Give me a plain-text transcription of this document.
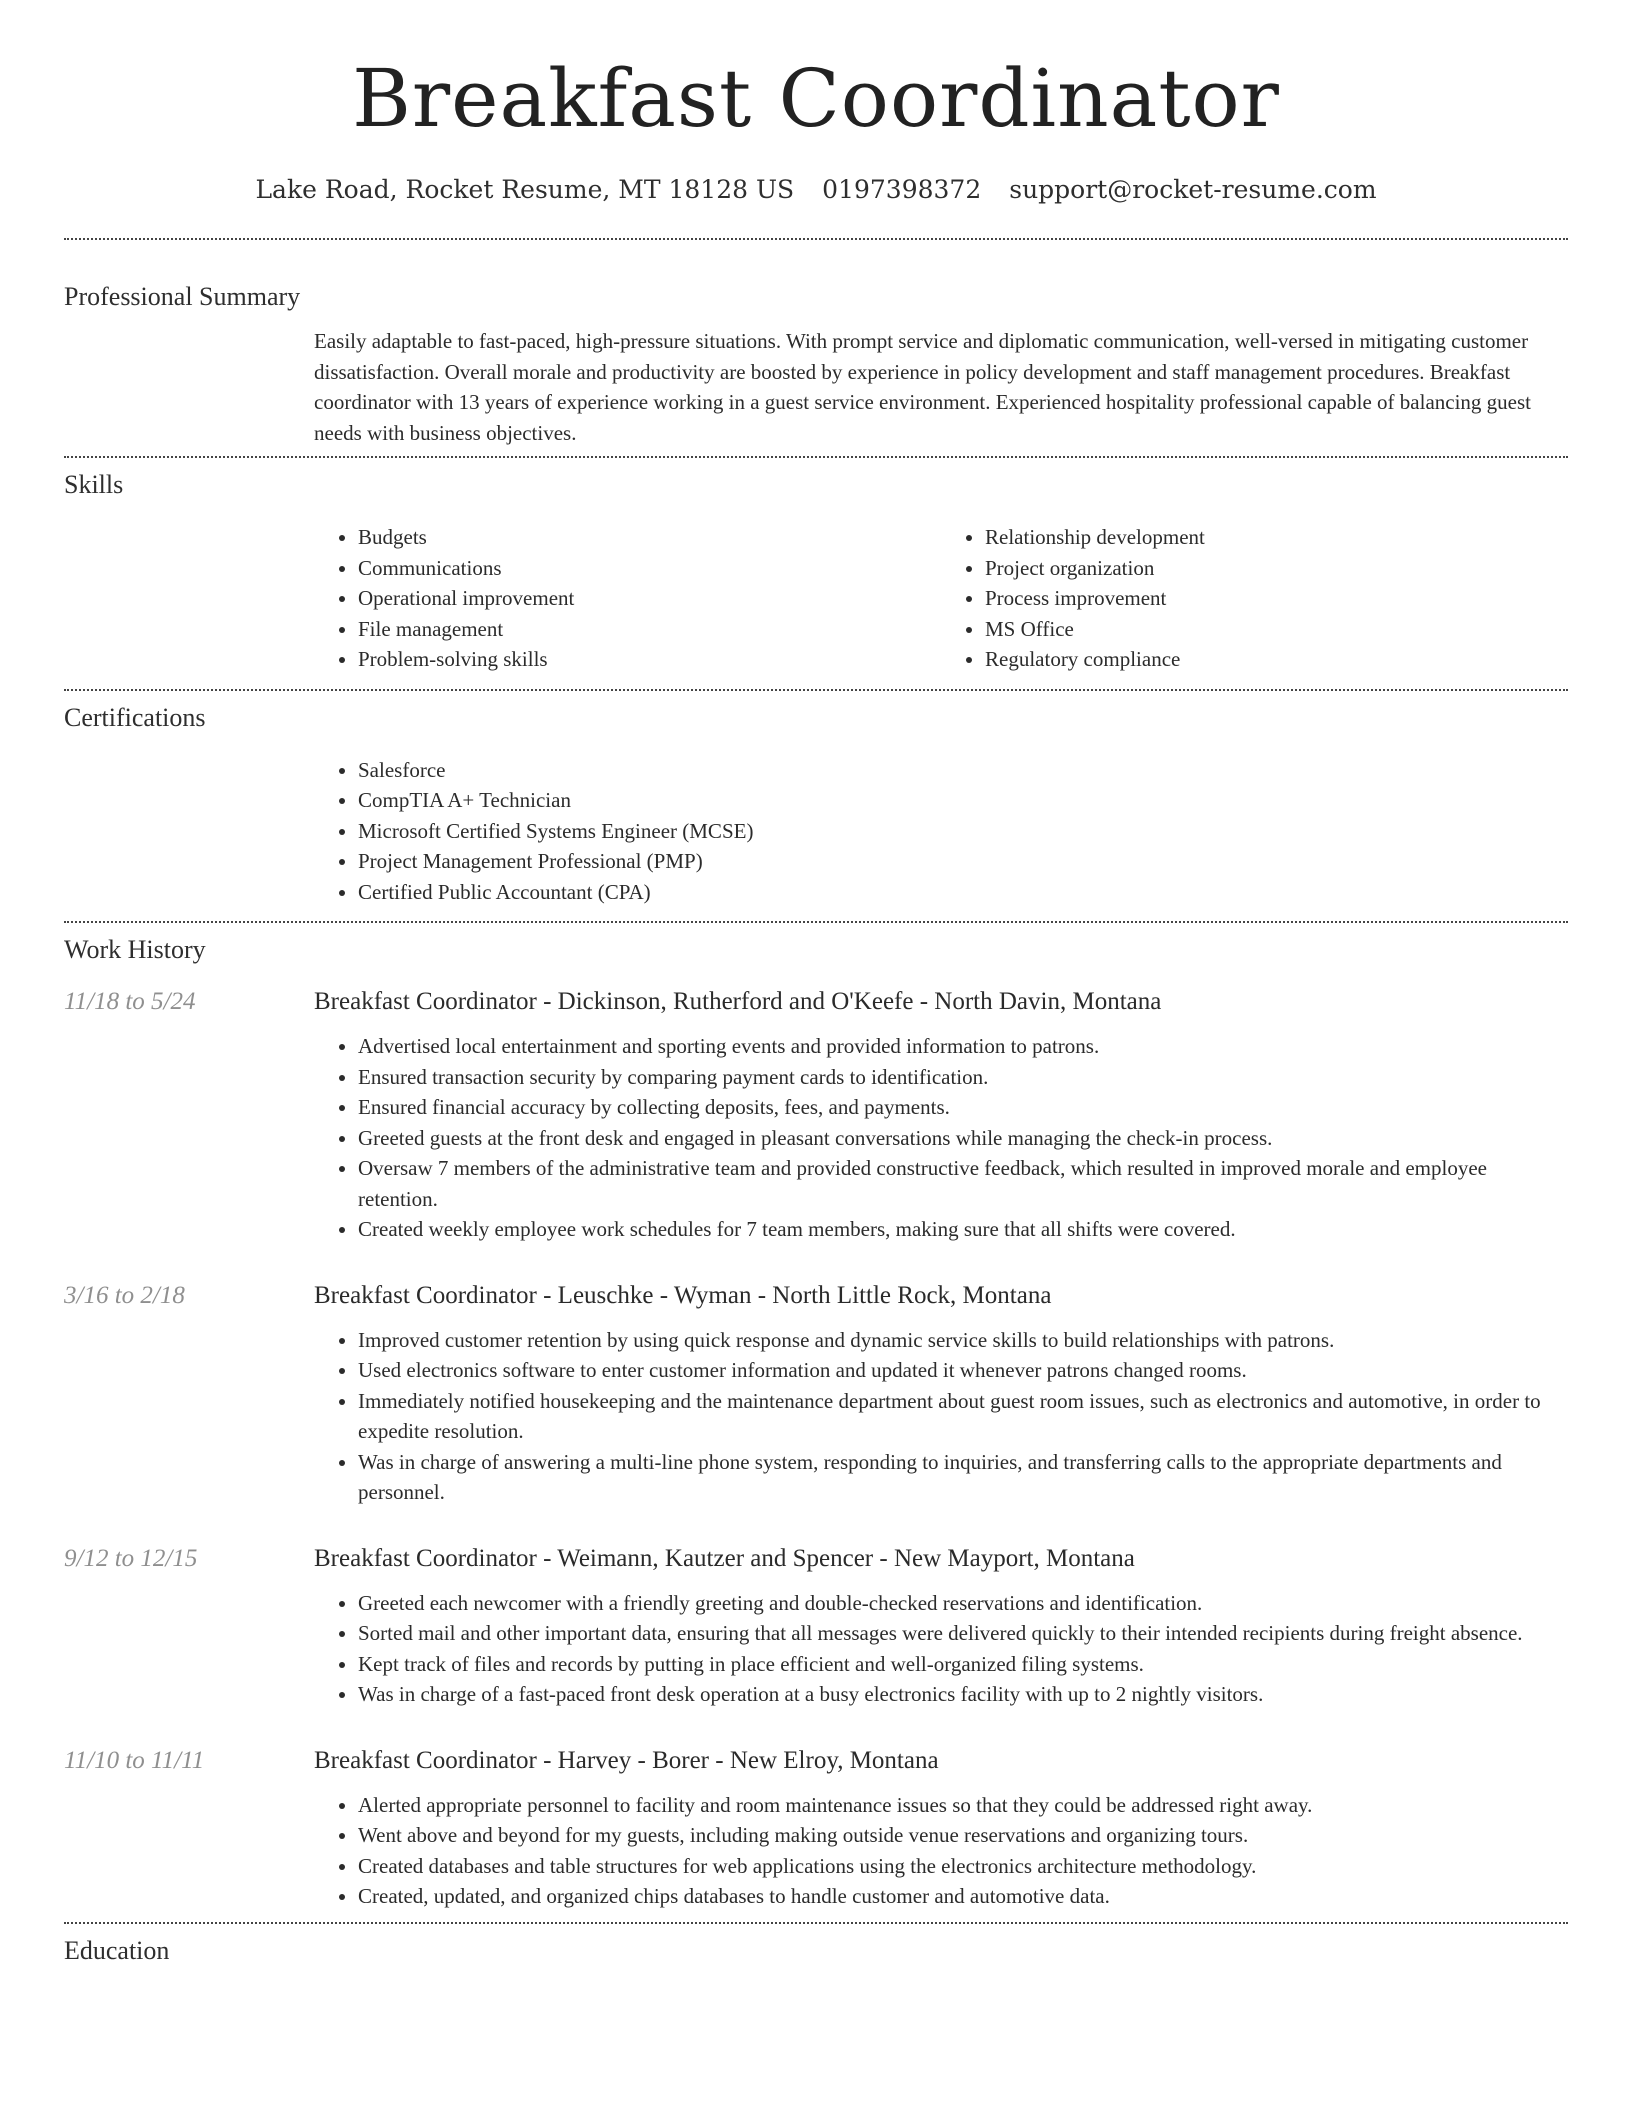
Breakfast Coordinator
Lake Road, Rocket Resume, MT 18128 US 0197398372 support@rocket-resume.com
Professional Summary
Easily adaptable to fast-paced, high-pressure situations. With prompt service and diplomatic communication, well-versed in mitigating customer dissatisfaction. Overall morale and productivity are boosted by experience in policy development and staff management procedures. Breakfast coordinator with 13 years of experience working in a guest service environment. Experienced hospitality professional capable of balancing guest needs with business objectives.
Skills
• Budgets
• Communications
• Operational improvement
• File management
• Problem-solving skills
• Relationship development
• Project organization
• Process improvement
• MS Office
• Regulatory compliance
Certifications
• Salesforce
• CompTIA A+ Technician
• Microsoft Certified Systems Engineer (MCSE)
• Project Management Professional (PMP)
• Certified Public Accountant (CPA)
Work History
11/18 to 5/24	Breakfast Coordinator - Dickinson, Rutherford and O'Keefe - North Davin, Montana
• Advertised local entertainment and sporting events and provided information to patrons.
• Ensured transaction security by comparing payment cards to identification.
• Ensured financial accuracy by collecting deposits, fees, and payments.
• Greeted guests at the front desk and engaged in pleasant conversations while managing the check-in process.
• Oversaw 7 members of the administrative team and provided constructive feedback, which resulted in improved morale and employee retention.
• Created weekly employee work schedules for 7 team members, making sure that all shifts were covered.
3/16 to 2/18	Breakfast Coordinator - Leuschke - Wyman - North Little Rock, Montana
• Improved customer retention by using quick response and dynamic service skills to build relationships with patrons.
• Used electronics software to enter customer information and updated it whenever patrons changed rooms.
• Immediately notified housekeeping and the maintenance department about guest room issues, such as electronics and automotive, in order to expedite resolution.
• Was in charge of answering a multi-line phone system, responding to inquiries, and transferring calls to the appropriate departments and personnel.
9/12 to 12/15	Breakfast Coordinator - Weimann, Kautzer and Spencer - New Mayport, Montana
• Greeted each newcomer with a friendly greeting and double-checked reservations and identification.
• Sorted mail and other important data, ensuring that all messages were delivered quickly to their intended recipients during freight absence.
• Kept track of files and records by putting in place efficient and well-organized filing systems.
• Was in charge of a fast-paced front desk operation at a busy electronics facility with up to 2 nightly visitors.
11/10 to 11/11	Breakfast Coordinator - Harvey - Borer - New Elroy, Montana
• Alerted appropriate personnel to facility and room maintenance issues so that they could be addressed right away.
• Went above and beyond for my guests, including making outside venue reservations and organizing tours.
• Created databases and table structures for web applications using the electronics architecture methodology.
• Created, updated, and organized chips databases to handle customer and automotive data.
Education
